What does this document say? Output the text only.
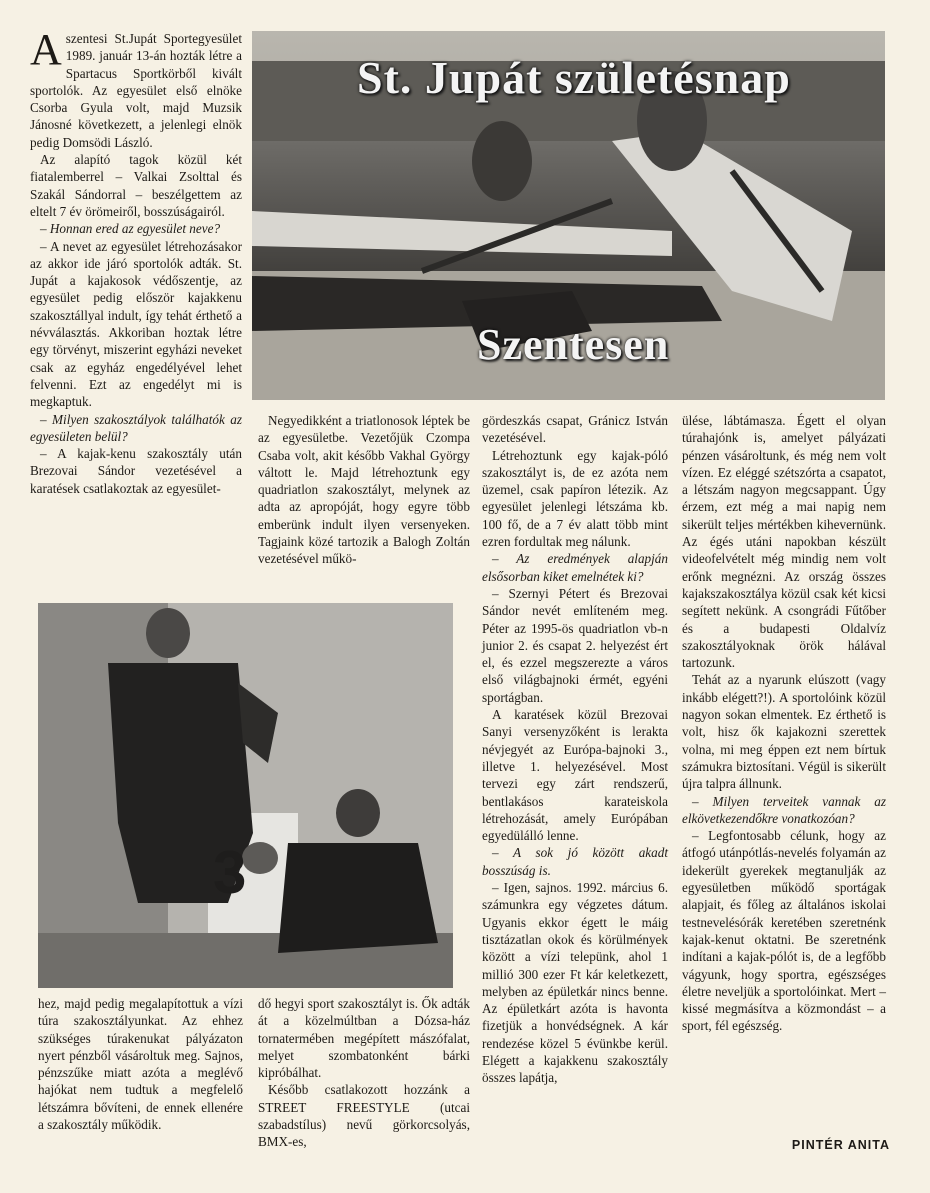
Aszentesi St.Jupát Sportegyesület 1989. január 13-án hozták létre a Spartacus Sportkörből kivált sportolók. Az egyesület első elnöke Csorba Gyula volt, majd Muzsik Jánosné következett, a jelenlegi elnök pedig Domsödi László.

Az alapító tagok közül két fiatalemberrel – Valkai Zsolttal és Szakál Sándorral – beszélgettem az eltelt 7 év örömeiről, bosszúságairól.

– Honnan ered az egyesület neve?

– A nevet az egyesület létrehozásakor az akkor ide járó sportolók adták. St. Jupát a kajakosok védőszentje, az egyesület pedig először kajakkenu szakosztállyal indult, így tehát érthető a névválasztás. Akkoriban hoztak létre egy törvényt, miszerint egyházi neveket csak az egyház engedélyével lehet felvenni. Ezt az engedélyt mi is megkaptuk.

– Milyen szakosztályok találhatók az egyesületen belül?

– A kajak-kenu szakosztály után Brezovai Sándor vezetésével a karatések csatlakoztak az egyesület-

St. Jupát születésnap
Szentesen

Negyedikként a triatlonosok léptek be az egyesületbe. Vezetőjük Czompa Csaba volt, akit később Vakhal György váltott le. Majd létrehoztunk egy quadriatlon szakosztályt, melynek az adta az apropóját, hogy egyre több emberünk indult ilyen versenyeken. Tagjaink közé tartozik a Balogh Zoltán vezetésével műkö-

3

hez, majd pedig megalapítottuk a vízi túra szakosztályunkat. Az ehhez szükséges túrakenukat pályázaton nyert pénzből vásároltuk meg. Sajnos, pénzszűke miatt azóta a meglévő hajókat nem tudtuk a megfelelő létszámra bővíteni, de ennek ellenére a szakosztály működik.

dő hegyi sport szakosztályt is. Ők adták át a közelmúltban a Dózsa-ház tornatermében megépített mászófalat, melyet szombatonként bárki kipróbálhat.

Később csatlakozott hozzánk a STREET FREESTYLE (utcai szabadstílus) nevű görkorcsolyás, BMX-es,

gördeszkás csapat, Gránicz István vezetésével.

Létrehoztunk egy kajak-póló szakosztályt is, de ez azóta nem üzemel, csak papíron létezik. Az egyesület jelenlegi létszáma kb. 100 fő, de a 7 év alatt több mint ezren fordultak meg nálunk.

– Az eredmények alapján elsősorban kiket emelnétek ki?

– Szernyi Pétert és Brezovai Sándor nevét említeném meg. Péter az 1995-ös quadriatlon vb-n junior 2. és csapat 2. helyezést ért el, és ezzel megszerezte a város első világbajnoki érmét, egyéni sportágban.

A karatések közül Brezovai Sanyi versenyzőként is lerakta névjegyét az Európa-bajnoki 3., illetve 1. helyezésével. Most tervezi egy zárt rendszerű, bentlakásos karateiskola létrehozását, amely Európában egyedülálló lenne.

– A sok jó között akadt bosszúság is.

– Igen, sajnos. 1992. március 6. számunkra egy végzetes dátum. Ugyanis ekkor égett le máig tisztázatlan okok és körülmények között a vízi telepünk, ahol 1 millió 300 ezer Ft kár keletkezett, melyben az épületkár nincs benne. Az épületkárt azóta is havonta fizetjük a honvédségnek. A kár rendezése közel 5 évünkbe kerül. Elégett a kajakkenu szakosztály összes lapátja,

ülése, lábtámasza. Égett el olyan túrahajónk is, amelyet pályázati pénzen vásároltunk, és még nem volt vízen. Ez eléggé szétszórta a csapatot, a létszám nagyon megcsappant. Úgy érzem, ezt még a mai napig nem sikerült teljes mértékben kihevernünk. Az égés utáni napokban készült videofelvételt még mindig nem volt erőnk megnézni. Az ország összes kajakszakosztálya közül csak két kicsi segített nekünk. A csongrádi Fűtőber és a budapesti Oldalvíz szakosztályoknak örök hálával tartozunk.

Tehát az a nyarunk elúszott (vagy inkább elégett?!). A sportolóink közül nagyon sokan elmentek. Ez érthető is volt, hisz ők kajakozni szerettek volna, mi meg éppen ezt nem bírtuk számukra biztosítani. Végül is sikerült újra talpra állnunk.

– Milyen terveitek vannak az elkövetkezendőkre vonatkozóan?

– Legfontosabb célunk, hogy az átfogó utánpótlás-nevelés folyamán az idekerült gyerekek megtanulják az egyesületben működő sportágak alapjait, és főleg az általános iskolai testnevelésórák keretében szeretnénk kajak-kenut oktatni. Be szeretnénk indítani a kajak-pólót is, de a legfőbb vágyunk, hogy sportra, egészséges életre neveljük a sportolóinkat. Mert – kissé megmásítva a közmondást – a sport, fél egészség.

PINTÉR ANITA
